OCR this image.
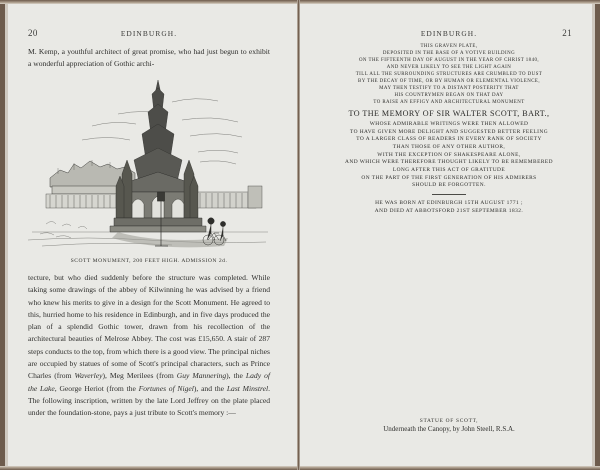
20	EDINBURGH.
M. Kemp, a youthful architect of great promise, who had just begun to exhibit a wonderful appreciation of Gothic archi-
SCOTT MONUMENT, 200 FEET HIGH. ADMISSION 2d.
tecture, but who died suddenly before the structure was completed. While taking some drawings of the abbey of Kilwinning he was advised by a friend who knew his merits to give in a design for the Scott Monument. He agreed to this, hurried home to his residence in Edinburgh, and in five days produced the plan of a splendid Gothic tower, drawn from his recollection of the architectural beauties of Melrose Abbey. The cost was £15,650. A stair of 287 steps conducts to the top, from which there is a good view. The principal niches are occupied by statues of some of Scott's principal characters, such as Prince Charles (from Waverley), Meg Merilees (from Guy Mannering), the Lady of the Lake, George Heriot (from the Fortunes of Nigel), and the Last Minstrel. The following inscription, written by the late Lord Jeffrey on the plate placed under the foundation-stone, pays a just tribute to Scott's memory :—
EDINBURGH.	21
THIS GRAVEN PLATE,
DEPOSITED IN THE BASE OF A VOTIVE BUILDING
ON THE FIFTEENTH DAY OF AUGUST IN THE YEAR OF CHRIST 1840,
AND NEVER LIKELY TO SEE THE LIGHT AGAIN
TILL ALL THE SURROUNDING STRUCTURES ARE CRUMBLED TO DUST
BY THE DECAY OF TIME, OR BY HUMAN OR ELEMENTAL VIOLENCE,
MAY THEN TESTIFY TO A DISTANT POSTERITY THAT
HIS COUNTRYMEN BEGAN ON THAT DAY
TO RAISE AN EFFIGY AND ARCHITECTURAL MONUMENT
TO THE MEMORY OF SIR WALTER SCOTT, BART.,
WHOSE ADMIRABLE WRITINGS WERE THEN ALLOWED
TO HAVE GIVEN MORE DELIGHT AND SUGGESTED BETTER FEELING
TO A LARGER CLASS OF READERS IN EVERY RANK OF SOCIETY
THAN THOSE OF ANY OTHER AUTHOR,
WITH THE EXCEPTION OF SHAKESPEARE ALONE,
AND WHICH WERE THEREFORE THOUGHT LIKELY TO BE REMEMBERED
LONG AFTER THIS ACT OF GRATITUDE
ON THE PART OF THE FIRST GENERATION OF HIS ADMIRERS
SHOULD BE FORGOTTEN.
HE WAS BORN AT EDINBURGH 15TH AUGUST 1771 ;
AND DIED AT ABBOTSFORD 21ST SEPTEMBER 1832.
STATUE OF SCOTT,
Underneath the Canopy, by John Steell, R.S.A.
